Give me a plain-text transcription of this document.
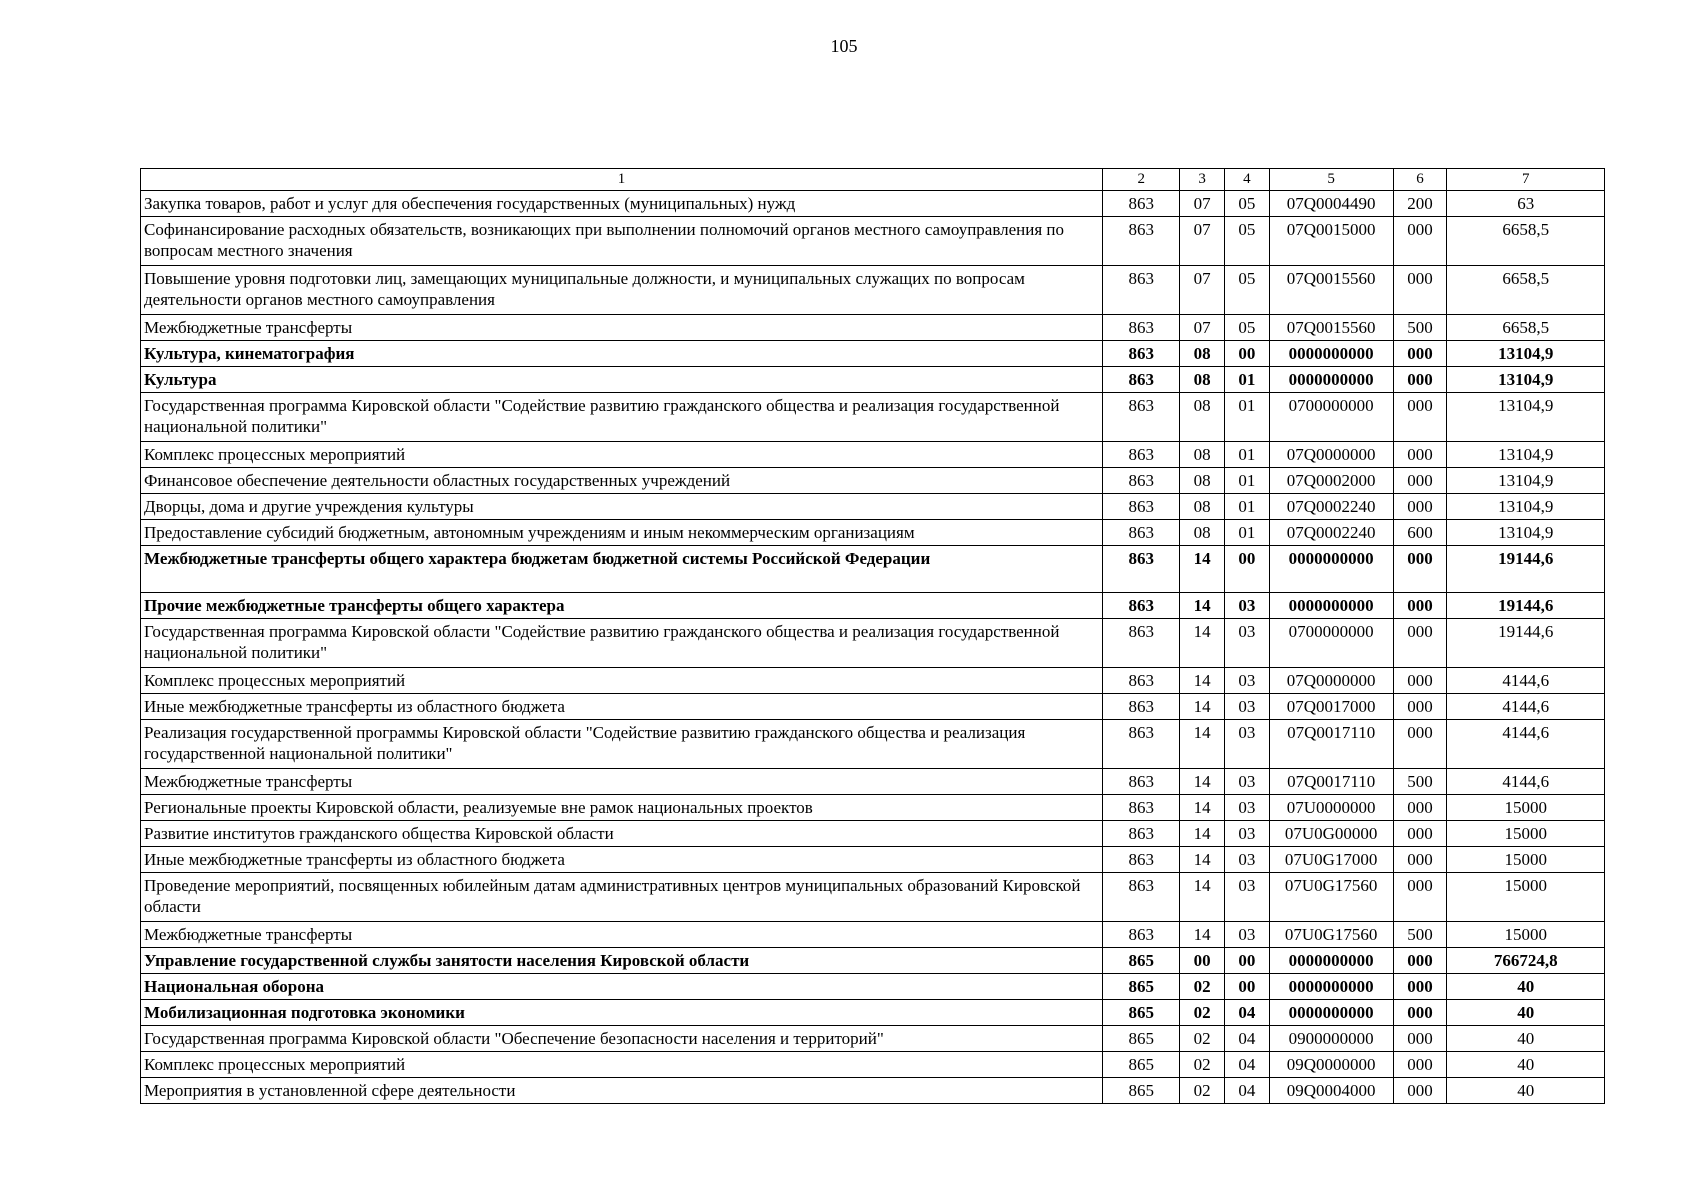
105
1	2	3	4	5	6	7
Закупка товаров, работ и услуг для обеспечения государственных (муниципальных) нужд	863	07	05	07Q0004490	200	63
Софинансирование расходных обязательств, возникающих при выполнении полномочий органов местного самоуправления по вопросам местного значения	863	07	05	07Q0015000	000	6658,5
Повышение уровня подготовки лиц, замещающих муниципальные должности, и муниципальных служащих по вопросам деятельности органов местного самоуправления	863	07	05	07Q0015560	000	6658,5
Межбюджетные трансферты	863	07	05	07Q0015560	500	6658,5
Культура, кинематография	863	08	00	0000000000	000	13104,9
Культура	863	08	01	0000000000	000	13104,9
Государственная программа Кировской области "Содействие развитию гражданского общества и реализация государственной национальной политики"	863	08	01	0700000000	000	13104,9
Комплекс процессных мероприятий	863	08	01	07Q0000000	000	13104,9
Финансовое обеспечение деятельности областных государственных учреждений	863	08	01	07Q0002000	000	13104,9
Дворцы, дома и другие учреждения культуры	863	08	01	07Q0002240	000	13104,9
Предоставление субсидий бюджетным, автономным учреждениям и иным некоммерческим организациям	863	08	01	07Q0002240	600	13104,9
Межбюджетные трансферты общего характера бюджетам бюджетной системы Российской Федерации	863	14	00	0000000000	000	19144,6
Прочие межбюджетные трансферты общего характера	863	14	03	0000000000	000	19144,6
Государственная программа Кировской области "Содействие развитию гражданского общества и реализация государственной национальной политики"	863	14	03	0700000000	000	19144,6
Комплекс процессных мероприятий	863	14	03	07Q0000000	000	4144,6
Иные межбюджетные трансферты из областного бюджета	863	14	03	07Q0017000	000	4144,6
Реализация государственной программы Кировской области "Содействие развитию гражданского общества и реализация государственной национальной политики"	863	14	03	07Q0017110	000	4144,6
Межбюджетные трансферты	863	14	03	07Q0017110	500	4144,6
Региональные проекты Кировской области, реализуемые вне рамок национальных проектов	863	14	03	07U0000000	000	15000
Развитие институтов гражданского общества Кировской области	863	14	03	07U0G00000	000	15000
Иные межбюджетные трансферты из областного бюджета	863	14	03	07U0G17000	000	15000
Проведение мероприятий, посвященных юбилейным датам административных центров муниципальных образований Кировской области	863	14	03	07U0G17560	000	15000
Межбюджетные трансферты	863	14	03	07U0G17560	500	15000
Управление государственной службы занятости населения Кировской области	865	00	00	0000000000	000	766724,8
Национальная оборона	865	02	00	0000000000	000	40
Мобилизационная подготовка экономики	865	02	04	0000000000	000	40
Государственная программа Кировской области "Обеспечение безопасности населения и территорий"	865	02	04	0900000000	000	40
Комплекс процессных мероприятий	865	02	04	09Q0000000	000	40
Мероприятия в установленной сфере деятельности	865	02	04	09Q0004000	000	40
